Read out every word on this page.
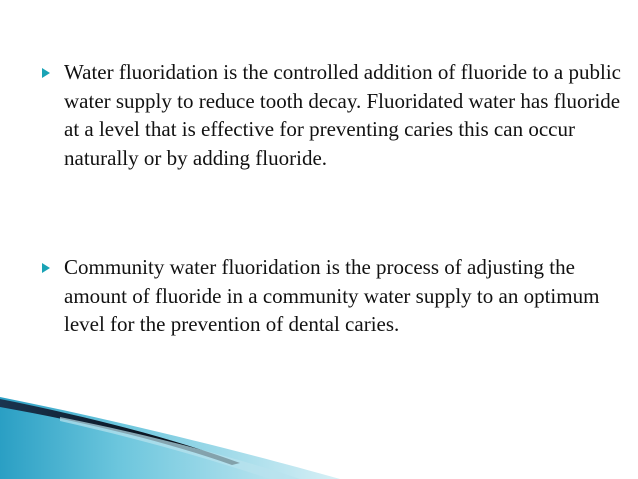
Water fluoridation is the controlled addition of fluoride to a public water supply to reduce tooth decay. Fluoridated water has fluoride at a level that is effective for preventing caries this can occur naturally or by adding fluoride.
Community water fluoridation is the process of adjusting the amount of fluoride in a community water supply to an optimum level for the prevention of dental caries.
